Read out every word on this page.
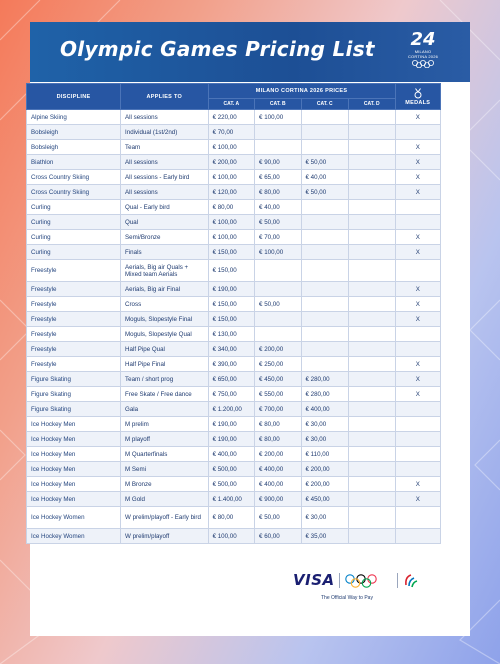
Olympic Games Pricing List 24
MILANO CORTINA 2026
DISCIPLINE	APPLIES TO	MILANO CORTINA 2026 PRICES				MEDALS
		CAT. A	CAT. B	CAT. C	CAT. D	
Alpine Skiing	All sessions	€ 220,00	€ 100,00			X
Bobsleigh	Individual (1st/2nd)	€ 70,00				
Bobsleigh	Team	€ 100,00				X
Biathlon	All sessions	€ 200,00	€ 90,00	€ 50,00		X
Cross Country Skiing	All sessions - Early bird	€ 100,00	€ 65,00	€ 40,00		X
Cross Country Skiing	All sessions	€ 120,00	€ 80,00	€ 50,00		X
Curling	Qual - Early bird	€ 80,00	€ 40,00			
Curling	Qual	€ 100,00	€ 50,00			
Curling	Semi/Bronze	€ 100,00	€ 70,00			X
Curling	Finals	€ 150,00	€ 100,00			X
Freestyle	Aerials, Big air Quals + Mixed team Aerials	€ 150,00				
Freestyle	Aerials, Big air Final	€ 190,00				X
Freestyle	Cross	€ 150,00	€ 50,00			X
Freestyle	Moguls, Slopestyle Final	€ 150,00				X
Freestyle	Moguls, Slopestyle Qual	€ 130,00				
Freestyle	Half Pipe Qual	€ 340,00	€ 200,00			
Freestyle	Half Pipe Final	€ 390,00	€ 250,00			X
Figure Skating	Team / short prog	€ 650,00	€ 450,00	€ 280,00		X
Figure Skating	Free Skate / Free dance	€ 750,00	€ 550,00	€ 280,00		X
Figure Skating	Gala	€ 1.200,00	€ 700,00	€ 400,00		
Ice Hockey Men	M prelim	€ 190,00	€ 80,00	€ 30,00		
Ice Hockey Men	M playoff	€ 190,00	€ 80,00	€ 30,00		
Ice Hockey Men	M Quarterfinals	€ 400,00	€ 200,00	€ 110,00		
Ice Hockey Men	M Semi	€ 500,00	€ 400,00	€ 200,00		
Ice Hockey Men	M Bronze	€ 500,00	€ 400,00	€ 200,00		X
Ice Hockey Men	M Gold	€ 1.400,00	€ 900,00	€ 450,00		X
Ice Hockey Women	W prelim/playoff - Early bird	€ 80,00	€ 50,00	€ 30,00		
Ice Hockey Women	W prelim/playoff	€ 100,00	€ 60,00	€ 35,00		
VISA
The Official Way to Pay
